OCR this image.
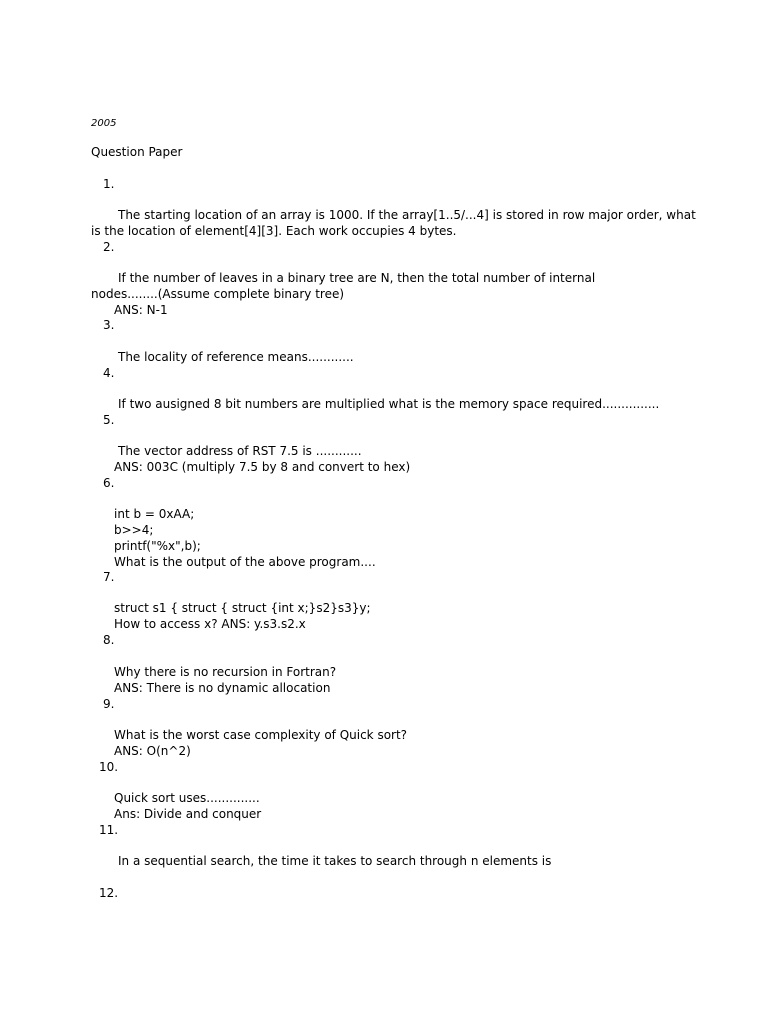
2005
Question Paper
1.
The starting location of an array is 1000. If the array[1..5/...4] is stored in row major order, what
is the location of element[4][3]. Each work occupies 4 bytes.
2.
If the number of leaves in a binary tree are N, then the total number of internal
nodes........(Assume complete binary tree)
ANS: N-1
3.
The locality of reference means............
4.
If two ausigned 8 bit numbers are multiplied what is the memory space required...............
5.
The vector address of RST 7.5 is ............
ANS: 003C (multiply 7.5 by 8 and convert to hex)
6.
int b = 0xAA;
b>>4;
printf("%x",b);
What is the output of the above program....
7.
struct s1 { struct { struct {int x;}s2}s3}y;
How to access x? ANS: y.s3.s2.x
8.
Why there is no recursion in Fortran?
ANS: There is no dynamic allocation
9.
What is the worst case complexity of Quick sort?
ANS: O(n^2)
10.
Quick sort uses..............
Ans: Divide and conquer
11.
In a sequential search, the time it takes to search through n elements is
12.
